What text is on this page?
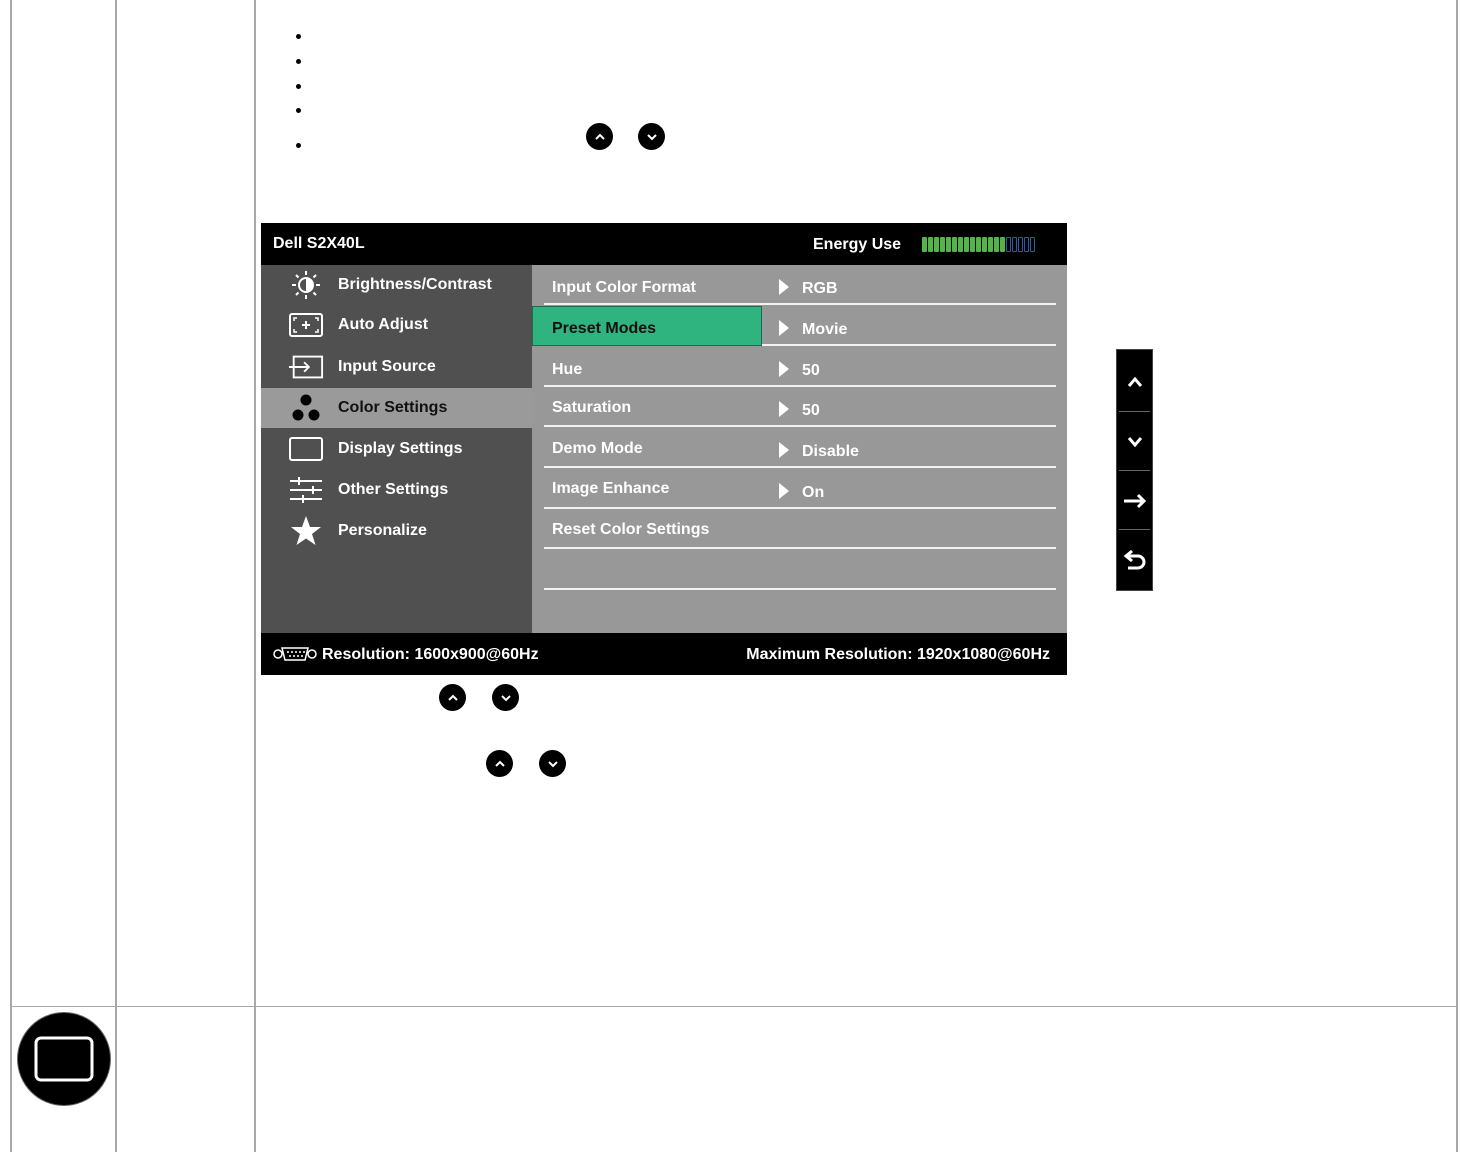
Dell S2X40L	Energy Use
Brightness/Contrast
Auto Adjust
Input Source
Color Settings
Display Settings
Other Settings
Personalize
Input Color Format	RGB
Preset Modes	Movie
Hue	50
Saturation	50
Demo Mode	Disable
Image Enhance	On
Reset Color Settings
Resolution: 1600x900@60Hz	Maximum Resolution: 1920x1080@60Hz
